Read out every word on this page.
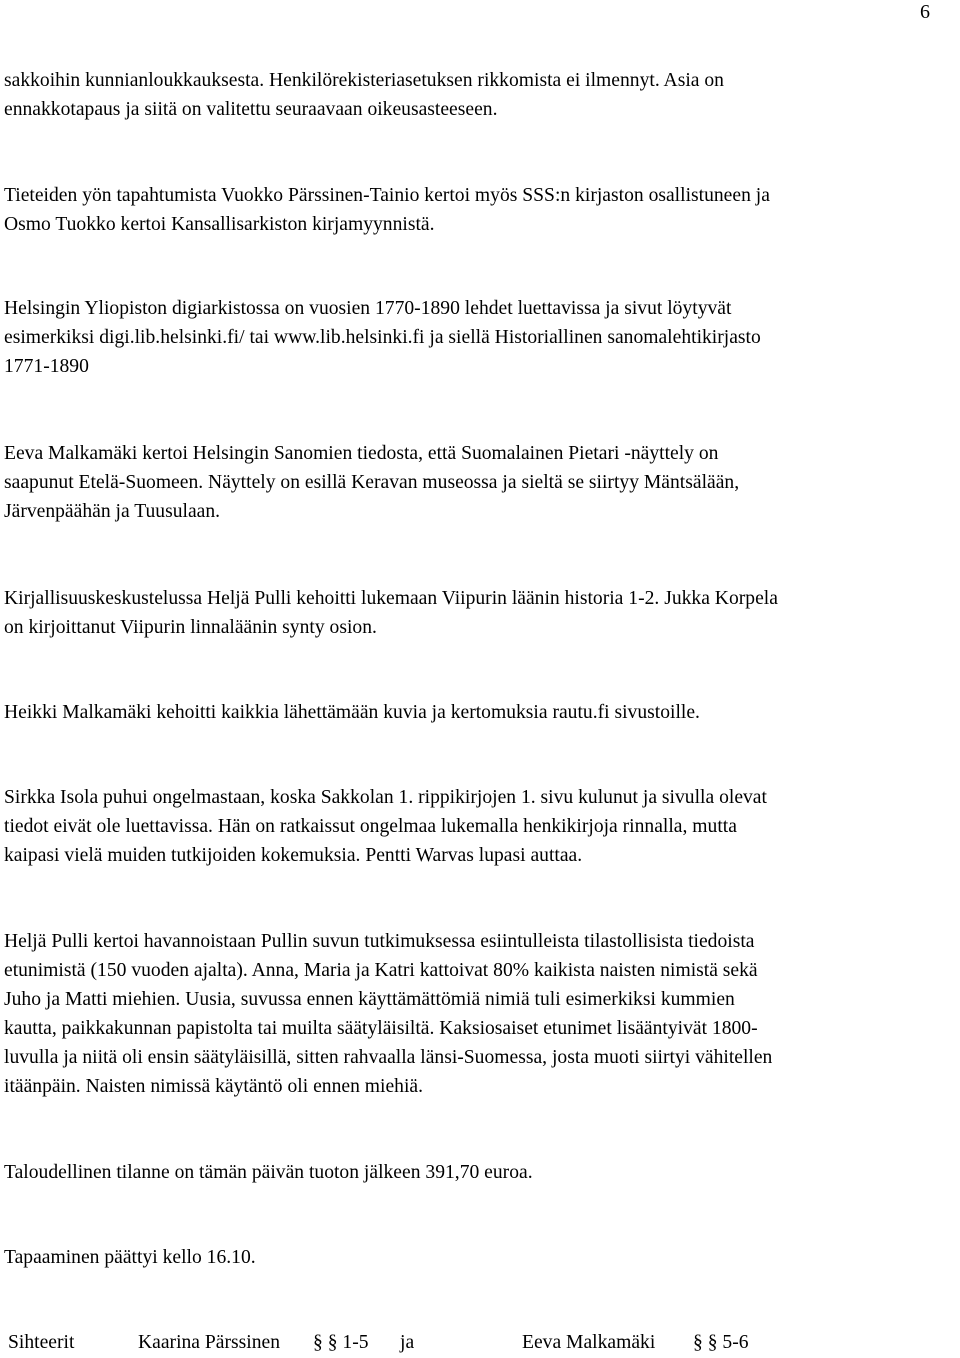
6

sakkoihin kunnianloukkauksesta. Henkilörekisteriasetuksen rikkomista ei ilmennyt. Asia on
ennakkotapaus ja siitä on valitettu seuraavaan oikeusasteeseen.

Tieteiden yön tapahtumista Vuokko Pärssinen-Tainio kertoi myös SSS:n kirjaston osallistuneen ja
Osmo Tuokko kertoi Kansallisarkiston kirjamyynnistä.

Helsingin Yliopiston digiarkistossa on vuosien 1770-1890 lehdet luettavissa ja sivut löytyvät
esimerkiksi digi.lib.helsinki.fi/ tai www.lib.helsinki.fi ja siellä Historiallinen sanomalehtikirjasto
1771-1890

Eeva Malkamäki kertoi Helsingin Sanomien tiedosta, että Suomalainen Pietari -näyttely on
saapunut Etelä-Suomeen. Näyttely on esillä Keravan museossa ja sieltä se siirtyy Mäntsälään,
Järvenpäähän ja Tuusulaan.

Kirjallisuuskeskustelussa Heljä Pulli kehoitti lukemaan Viipurin läänin historia 1-2. Jukka Korpela
on kirjoittanut Viipurin linnaläänin synty osion.

Heikki Malkamäki kehoitti kaikkia lähettämään kuvia ja kertomuksia rautu.fi sivustoille.

Sirkka Isola puhui ongelmastaan, koska Sakkolan 1. rippikirjojen 1. sivu kulunut ja sivulla olevat
tiedot eivät ole luettavissa. Hän on ratkaissut ongelmaa lukemalla henkikirjoja rinnalla, mutta
kaipasi vielä muiden tutkijoiden kokemuksia. Pentti Warvas lupasi auttaa.

Heljä Pulli kertoi havannoistaan Pullin suvun tutkimuksessa esiintulleista tilastollisista tiedoista
etunimistä (150 vuoden ajalta). Anna, Maria ja Katri kattoivat 80% kaikista naisten nimistä sekä
Juho ja Matti miehien. Uusia, suvussa ennen käyttämättömiä nimiä tuli esimerkiksi kummien
kautta, paikkakunnan papistolta tai muilta säätyläisiltä. Kaksiosaiset etunimet lisääntyivät 1800-
luvulla ja niitä oli ensin säätyläisillä, sitten rahvaalla länsi-Suomessa, josta muoti siirtyi vähitellen
itäänpäin. Naisten nimissä käytäntö oli ennen miehiä.

Taloudellinen tilanne on tämän päivän tuoton jälkeen 391,70 euroa.

Tapaaminen päättyi kello 16.10.

Sihteerit	Kaarina Pärssinen § § 1-5 ja	Eeva Malkamäki § § 5-6
